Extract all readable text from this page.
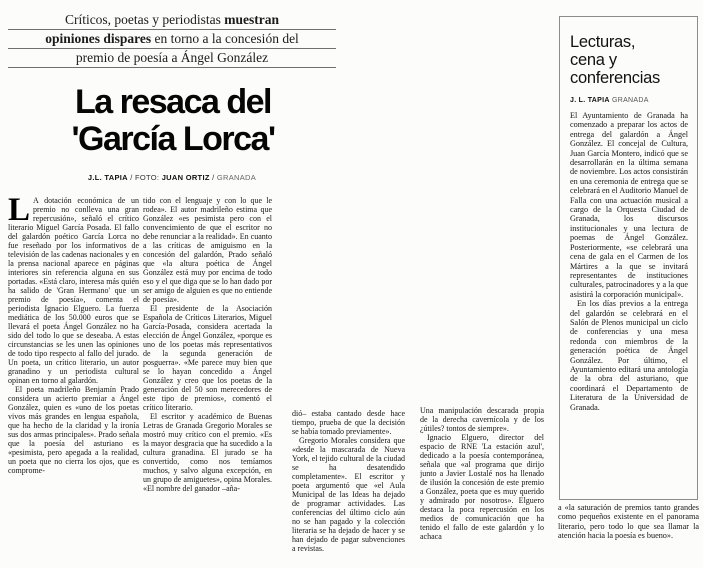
Críticos, poetas y periodistas muestran
opiniones dispares en torno a la concesión del
premio de poesía a Ángel González
La resaca del
'García Lorca'
J.L. TAPIA / FOTO: JUAN ORTIZ / GRANADA

L A dotación económica de un premio no conlleva una gran repercusión», señaló el crítico literario Miguel García Posada. El fallo del galardón poético García Lorca no fue reseñado por los informativos de televisión de las cadenas nacionales y en la prensa nacional aparece en páginas interiores sin referencia alguna en sus portadas. «Está claro, interesa más quién ha salido de 'Gran Hermano' que un premio de poesía», comenta el periodista Ignacio Elguero. La fuerza mediática de los 50.000 euros que se llevará el poeta Ángel González no ha sido del todo lo que se deseaba. A estas circunstancias se les unen las opiniones de todo tipo respecto al fallo del jurado. Un poeta, un crítico literario, un autor granadino y un periodista cultural opinan en torno al galardón.

El poeta madrileño Benjamín Prado considera un acierto premiar a Ángel González, quien es «uno de los poetas vivos más grandes en lengua española, que ha hecho de la claridad y la ironía sus dos armas principales». Prado señala que la poesía del asturiano es «pesimista, pero apegada a la realidad, un poeta que no cierra los ojos, que es comprome-

tido con el lenguaje y con lo que le rodea». El autor madrileño estima que González «es pesimista pero con el convencimiento de que el escritor no debe renunciar a la realidad». En cuanto a las críticas de amiguismo en la concesión del galardón, Prado señaló que «la altura poética de Ángel González está muy por encima de todo eso y el que diga que se lo han dado por ser amigo de alguien es que no entiende de poesía».

El presidente de la Asociación Española de Críticos Literarios, Miguel García-Posada, considera acertada la elección de Ángel González, «porque es uno de los poetas más representativos de la segunda generación de posguerra». «Me parece muy bien que se lo hayan concedido a Ángel González y creo que los poetas de la generación del 50 son merecedores de este tipo de premios», comentó el crítico literario.

El escritor y académico de Buenas Letras de Granada Gregorio Morales se mostró muy crítico con el premio. «Es la mayor desgracia que ha sucedido a la cultura granadina. El jurado se ha convertido, como nos temíamos muchos, y salvo alguna excepción, en un grupo de amiguetes», opina Morales. «El nombre del ganador –aña-

dió– estaba cantado desde hace tiempo, prueba de que la decisión se había tomado previamente».

Gregorio Morales considera que «desde la mascarada de Nueva York, el tejido cultural de la ciudad se ha desatendido completamente». El escritor y poeta argumentó que «el Aula Municipal de las Ideas ha dejado de programar actividades. Las conferencias del último ciclo aún no se han pagado y la colección literaria se ha dejado de hacer y se han dejado de pagar subvenciones a revistas.

Una manipulación descarada propia de la derecha cavernícola y de los ¿útiles? tontos de siempre».

Ignacio Elguero, director del espacio de RNE 'La estación azul', dedicado a la poesía contemporánea, señala que «al programa que dirijo junto a Javier Lostalé nos ha llenado de ilusión la concesión de este premio a González, poeta que es muy querido y admirado por nosotros». Elguero destaca la poca repercusión en los medios de comunicación que ha tenido el fallo de este galardón y lo achaca

a «la saturación de premios tanto grandes como pequeños existente en el panorama literario, pero todo lo que sea llamar la atención hacia la poesía es bueno».

Lecturas,
cena y
conferencias
J. L. TAPIA GRANADA

El Ayuntamiento de Granada ha comenzado a preparar los actos de entrega del galardón a Ángel González. El concejal de Cultura, Juan García Montero, indicó que se desarrollarán en la última semana de noviembre. Los actos consistirán en una ceremonia de entrega que se celebrará en el Auditorio Manuel de Falla con una actuación musical a cargo de la Orquesta Ciudad de Granada, los discursos institucionales y una lectura de poemas de Ángel González. Posteriormente, «se celebrará una cena de gala en el Carmen de los Mártires a la que se invitará representantes de instituciones culturales, patrocinadores y a la que asistirá la corporación municipal».

En los días previos a la entrega del galardón se celebrará en el Salón de Plenos municipal un ciclo de conferencias y una mesa redonda con miembros de la generación poética de Ángel González. Por último, el Ayuntamiento editará una antología de la obra del asturiano, que coordinará el Departamento de Literatura de la Universidad de Granada.
